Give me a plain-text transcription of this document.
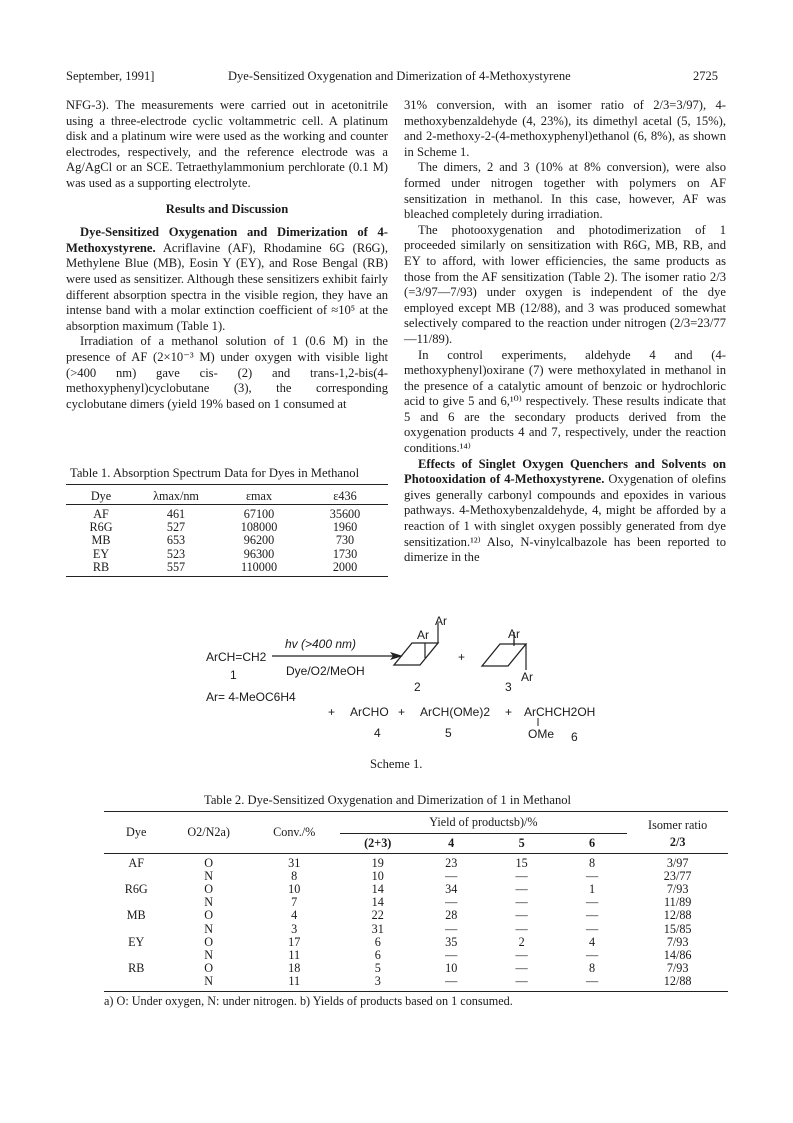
September, 1991]	Dye-Sensitized Oxygenation and Dimerization of 4-Methoxystyrene	2725

NFG-3). The measurements were carried out in acetonitrile using a three-electrode cyclic voltammetric cell. A platinum disk and a platinum wire were used as the working and counter electrodes, respectively, and the reference electrode was a Ag/AgCl or an SCE. Tetraethylammonium perchlorate (0.1 M) was used as a supporting electrolyte.

Results and Discussion

Dye-Sensitized Oxygenation and Dimerization of 4-Methoxystyrene. Acriflavine (AF), Rhodamine 6G (R6G), Methylene Blue (MB), Eosin Y (EY), and Rose Bengal (RB) were used as sensitizer. Although these sensitizers exhibit fairly different absorption spectra in the visible region, they have an intense band with a molar extinction coefficient of ≈10⁵ at the absorption maximum (Table 1).

Irradiation of a methanol solution of 1 (0.6 M) in the presence of AF (2×10⁻³ M) under oxygen with visible light (>400 nm) gave cis- (2) and trans-1,2-bis(4-methoxyphenyl)cyclobutane (3), the corresponding cyclobutane dimers (yield 19% based on 1 consumed at

Table 1. Absorption Spectrum Data for Dyes in Methanol
Dye	λmax/nm	εmax	ε436
AF	461	67100	35600
R6G	527	108000	1960
MB	653	96200	730
EY	523	96300	1730
RB	557	110000	2000

31% conversion, with an isomer ratio of 2/3=3/97), 4-methoxybenzaldehyde (4, 23%), its dimethyl acetal (5, 15%), and 2-methoxy-2-(4-methoxyphenyl)ethanol (6, 8%), as shown in Scheme 1.

The dimers, 2 and 3 (10% at 8% conversion), were also formed under nitrogen together with polymers on AF sensitization in methanol. In this case, however, AF was bleached completely during irradiation.

The photooxygenation and photodimerization of 1 proceeded similarly on sensitization with R6G, MB, RB, and EY to afford, with lower efficiencies, the same products as those from the AF sensitization (Table 2). The isomer ratio 2/3 (=3/97—7/93) under oxygen is independent of the dye employed except MB (12/88), and 3 was produced somewhat selectively compared to the reaction under nitrogen (2/3=23/77—11/89).

In control experiments, aldehyde 4 and (4-methoxyphenyl)oxirane (7) were methoxylated in methanol in the presence of a catalytic amount of benzoic or hydrochloric acid to give 5 and 6,¹⁰⁾ respectively. These results indicate that 5 and 6 are the secondary products derived from the oxygenation products 4 and 7, respectively, under the reaction conditions.¹⁴⁾

Effects of Singlet Oxygen Quenchers and Solvents on Photooxidation of 4-Methoxystyrene. Oxygenation of olefins gives generally carbonyl compounds and epoxides in various pathways. 4-Methoxybenzaldehyde, 4, might be afforded by a reaction of 1 with singlet oxygen possibly generated from dye sensitization.¹²⁾ Also, N-vinylcalbazole has been reported to dimerize in the

ArCH=CH2
1
Ar= 4-MeOC6H4
hv (>400 nm)
Dye/O2/MeOH
Ar
Ar
2
+
Ar
Ar
3
+ ArCHO + ArCH(OMe)2 + ArCHCH2OH
OMe
4	5	6
Scheme 1.
Table 2. Dye-Sensitized Oxygenation and Dimerization of 1 in Methanol
Dye	O2/N2a)	Conv./%	Yield of productsb)/%				Isomer ratio
			(2+3)	4	5	6	2/3
AF	O	31	19	23	15	8	3/97
	N	8	10	—	—	—	23/77
R6G	O	10	14	34	—	1	7/93
	N	7	14	—	—	—	11/89
MB	O	4	22	28	—	—	12/88
	N	3	31	—	—	—	15/85
EY	O	17	6	35	2	4	7/93
	N	11	6	—	—	—	14/86
RB	O	18	5	10	—	8	7/93
	N	11	3	—	—	—	12/88
a) O: Under oxygen, N: under nitrogen. b) Yields of products based on 1 consumed.
